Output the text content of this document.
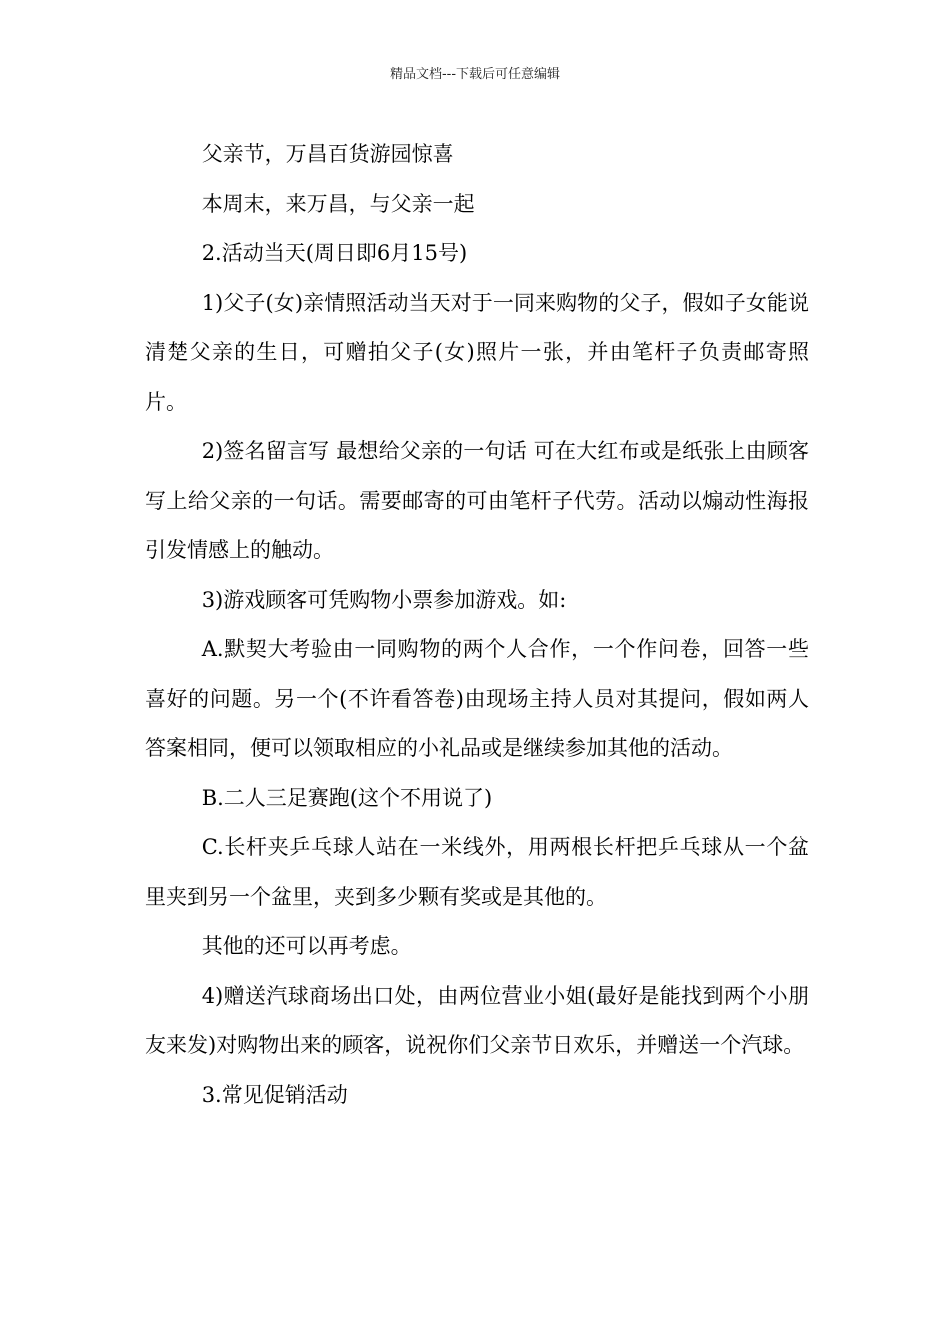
精品文档---下载后可任意编辑

父亲节，万昌百货游园惊喜

本周末，来万昌，与父亲一起

2.活动当天(周日即6月15号)

1)父子(女)亲情照活动当天对于一同来购物的父子，假如子女能说清楚父亲的生日，可赠拍父子(女)照片一张，并由笔杆子负责邮寄照片。

2)签名留言写 最想给父亲的一句话 可在大红布或是纸张上由顾客写上给父亲的一句话。需要邮寄的可由笔杆子代劳。活动以煽动性海报引发情感上的触动。

3)游戏顾客可凭购物小票参加游戏。如:

A.默契大考验由一同购物的两个人合作，一个作问卷，回答一些喜好的问题。另一个(不许看答卷)由现场主持人员对其提问，假如两人答案相同，便可以领取相应的小礼品或是继续参加其他的活动。

B.二人三足赛跑(这个不用说了)

C.长杆夹乒乓球人站在一米线外，用两根长杆把乒乓球从一个盆里夹到另一个盆里，夹到多少颗有奖或是其他的。

其他的还可以再考虑。

4)赠送汽球商场出口处，由两位营业小姐(最好是能找到两个小朋友来发)对购物出来的顾客，说祝你们父亲节日欢乐，并赠送一个汽球。

3.常见促销活动
